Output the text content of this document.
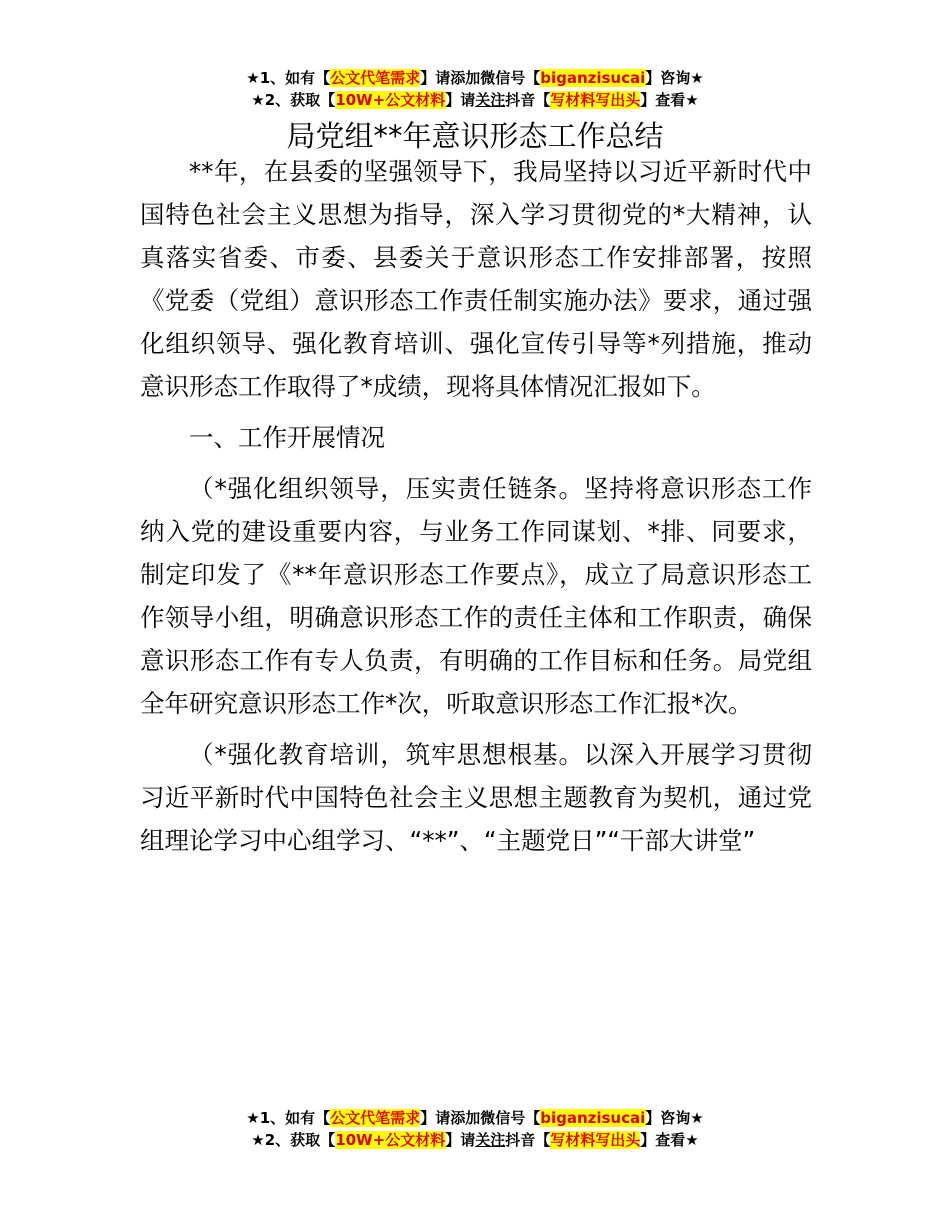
★1、如有【公文代笔需求】请添加微信号【biganzisucai】咨询★
★2、获取【10W+公文材料】请关注抖音【写材料写出头】查看★
局党组**年意识形态工作总结

**年，在县委的坚强领导下，我局坚持以习近平新时代中国特色社会主义思想为指导，深入学习贯彻党的*大精神，认真落实省委、市委、县委关于意识形态工作安排部署，按照《党委（党组）意识形态工作责任制实施办法》要求，通过强化组织领导、强化教育培训、强化宣传引导等*列措施，推动意识形态工作取得了*成绩，现将具体情况汇报如下。

一、工作开展情况

（*强化组织领导，压实责任链条。坚持将意识形态工作纳入党的建设重要内容，与业务工作同谋划、*排、同要求，制定印发了《**年意识形态工作要点》，成立了局意识形态工作领导小组，明确意识形态工作的责任主体和工作职责，确保意识形态工作有专人负责，有明确的工作目标和任务。局党组全年研究意识形态工作*次，听取意识形态工作汇报*次。

（*强化教育培训，筑牢思想根基。以深入开展学习贯彻习近平新时代中国特色社会主义思想主题教育为契机，通过党组理论学习中心组学习、“**”、“主题党日”“干部大讲堂”

★1、如有【公文代笔需求】请添加微信号【biganzisucai】咨询★
★2、获取【10W+公文材料】请关注抖音【写材料写出头】查看★
